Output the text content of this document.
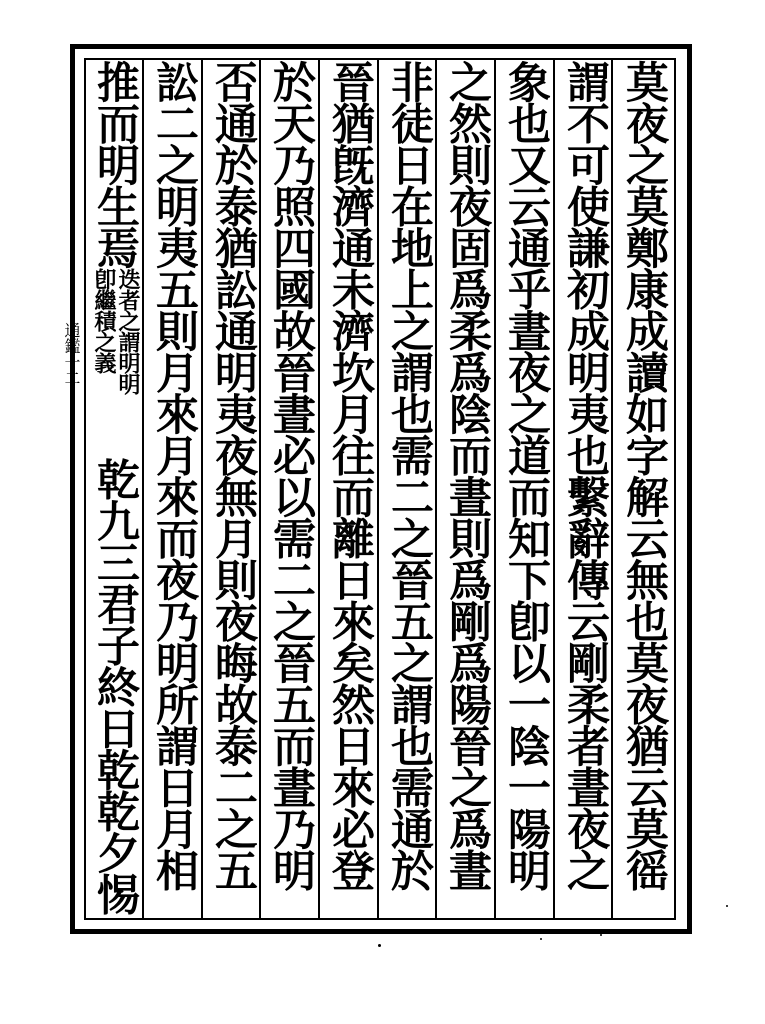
通鑑一二	莫夜之莫鄭康成讀如字解云無也莫夜猶云莫徭
謂不可使謙初成明夷也繫辭傳云剛柔者晝夜之
象也又云通乎晝夜之道而知下卽以一陰一陽明
之然則夜固爲柔爲陰而晝則爲剛爲陽晉之爲晝
非徒日在地上之謂也需二之晉五之謂也需通於
晉猶旣濟通未濟坎月往而離日來矣然日來必登
於天乃照四國故晉晝必以需二之晉五而晝乃明
否通於泰猶訟通明夷夜無月則夜晦故泰二之五
訟二之明夷五則月來月來而夜乃明所謂日月相
推而明生焉
迭者之謂明明
卽繼積之義
乾九三君子終日乾乾夕惕
